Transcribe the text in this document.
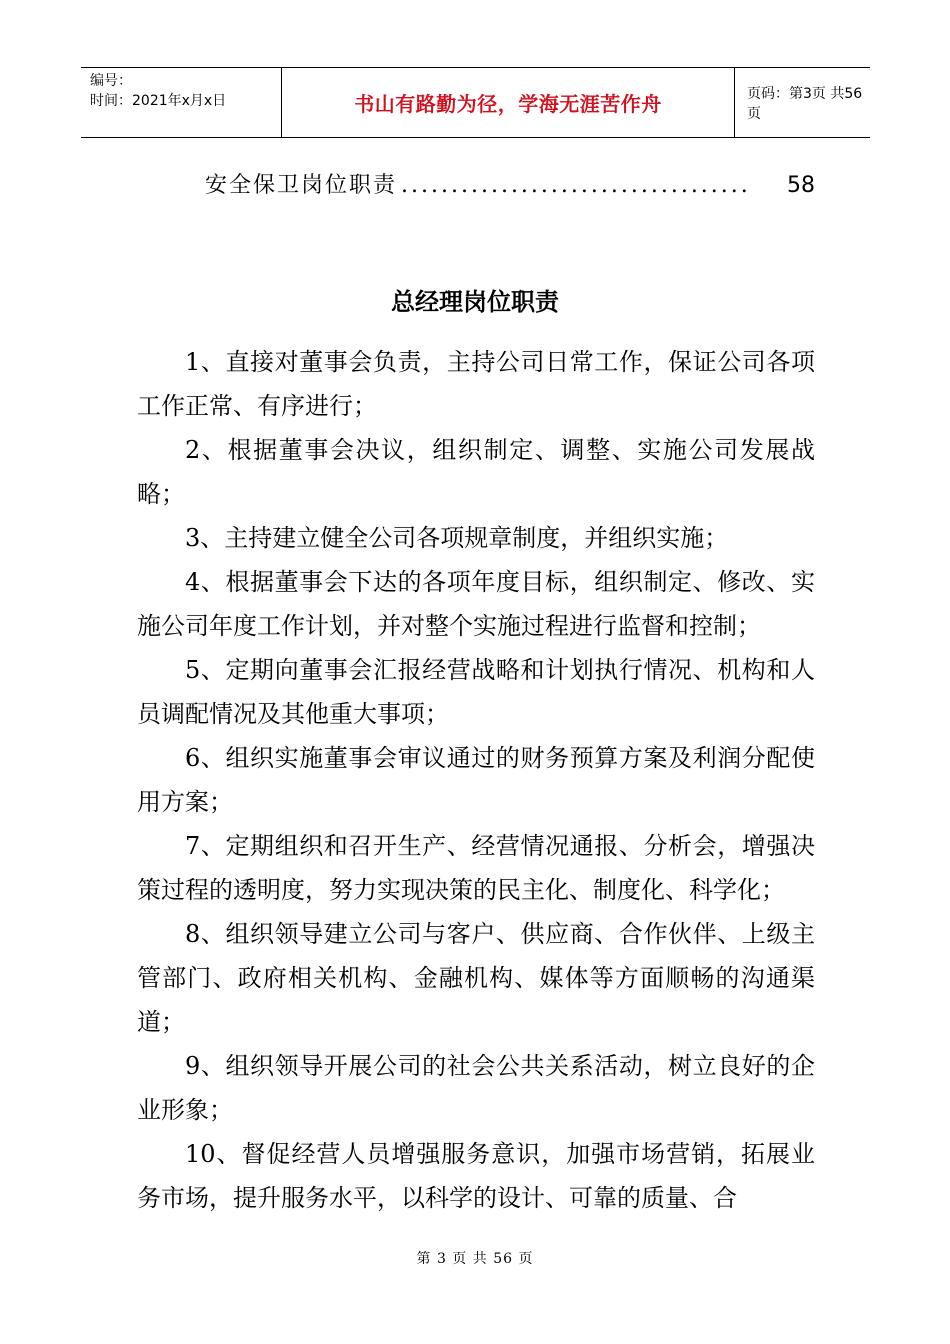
编号：
时间：2021年x月x日	书山有路勤为径，学海无涯苦作舟	页码：第3页 共56页
安全保卫岗位职责 ...................................	58
总经理岗位职责

1、直接对董事会负责，主持公司日常工作，保证公司各项工作正常、有序进行；

2、根据董事会决议，组织制定、调整、实施公司发展战略；

3、主持建立健全公司各项规章制度，并组织实施；

4、根据董事会下达的各项年度目标，组织制定、修改、实施公司年度工作计划，并对整个实施过程进行监督和控制；

5、定期向董事会汇报经营战略和计划执行情况、机构和人员调配情况及其他重大事项；

6、组织实施董事会审议通过的财务预算方案及利润分配使用方案；

7、定期组织和召开生产、经营情况通报、分析会，增强决策过程的透明度，努力实现决策的民主化、制度化、科学化；

8、组织领导建立公司与客户、供应商、合作伙伴、上级主管部门、政府相关机构、金融机构、媒体等方面顺畅的沟通渠道；

9、组织领导开展公司的社会公共关系活动，树立良好的企业形象；

10、督促经营人员增强服务意识，加强市场营销，拓展业务市场，提升服务水平，以科学的设计、可靠的质量、合

第 3 页 共 56 页
